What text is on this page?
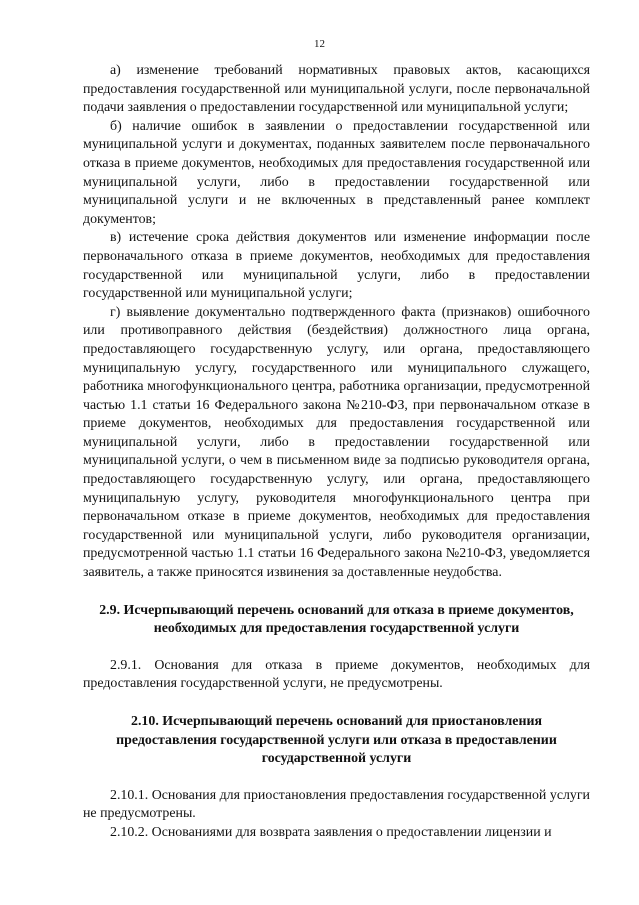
12

а) изменение требований нормативных правовых актов, касающихся предоставления государственной или муниципальной услуги, после первоначальной подачи заявления о предоставлении государственной или муниципальной услуги;

б) наличие ошибок в заявлении о предоставлении государственной или муниципальной услуги и документах, поданных заявителем после первоначального отказа в приеме документов, необходимых для предоставления государственной или муниципальной услуги, либо в предоставлении государственной или муниципальной услуги и не включенных в представленный ранее комплект документов;

в) истечение срока действия документов или изменение информации после первоначального отказа в приеме документов, необходимых для предоставления государственной или муниципальной услуги, либо в предоставлении государственной или муниципальной услуги;

г) выявление документально подтвержденного факта (признаков) ошибочного или противоправного действия (бездействия) должностного лица органа, предоставляющего государственную услугу, или органа, предоставляющего муниципальную услугу, государственного или муниципального служащего, работника многофункционального центра, работника организации, предусмотренной частью 1.1 статьи 16 Федерального закона №210-ФЗ, при первоначальном отказе в приеме документов, необходимых для предоставления государственной или муниципальной услуги, либо в предоставлении государственной или муниципальной услуги, о чем в письменном виде за подписью руководителя органа, предоставляющего государственную услугу, или органа, предоставляющего муниципальную услугу, руководителя многофункционального центра при первоначальном отказе в приеме документов, необходимых для предоставления государственной или муниципальной услуги, либо руководителя организации, предусмотренной частью 1.1 статьи 16 Федерального закона №210-ФЗ, уведомляется заявитель, а также приносятся извинения за доставленные неудобства.

2.9. Исчерпывающий перечень оснований для отказа в приеме документов, необходимых для предоставления государственной услуги

2.9.1. Основания для отказа в приеме документов, необходимых для предоставления государственной услуги, не предусмотрены.

2.10. Исчерпывающий перечень оснований для приостановления предоставления государственной услуги или отказа в предоставлении государственной услуги

2.10.1. Основания для приостановления предоставления государственной услуги не предусмотрены.

2.10.2. Основаниями для возврата заявления о предоставлении лицензии и
